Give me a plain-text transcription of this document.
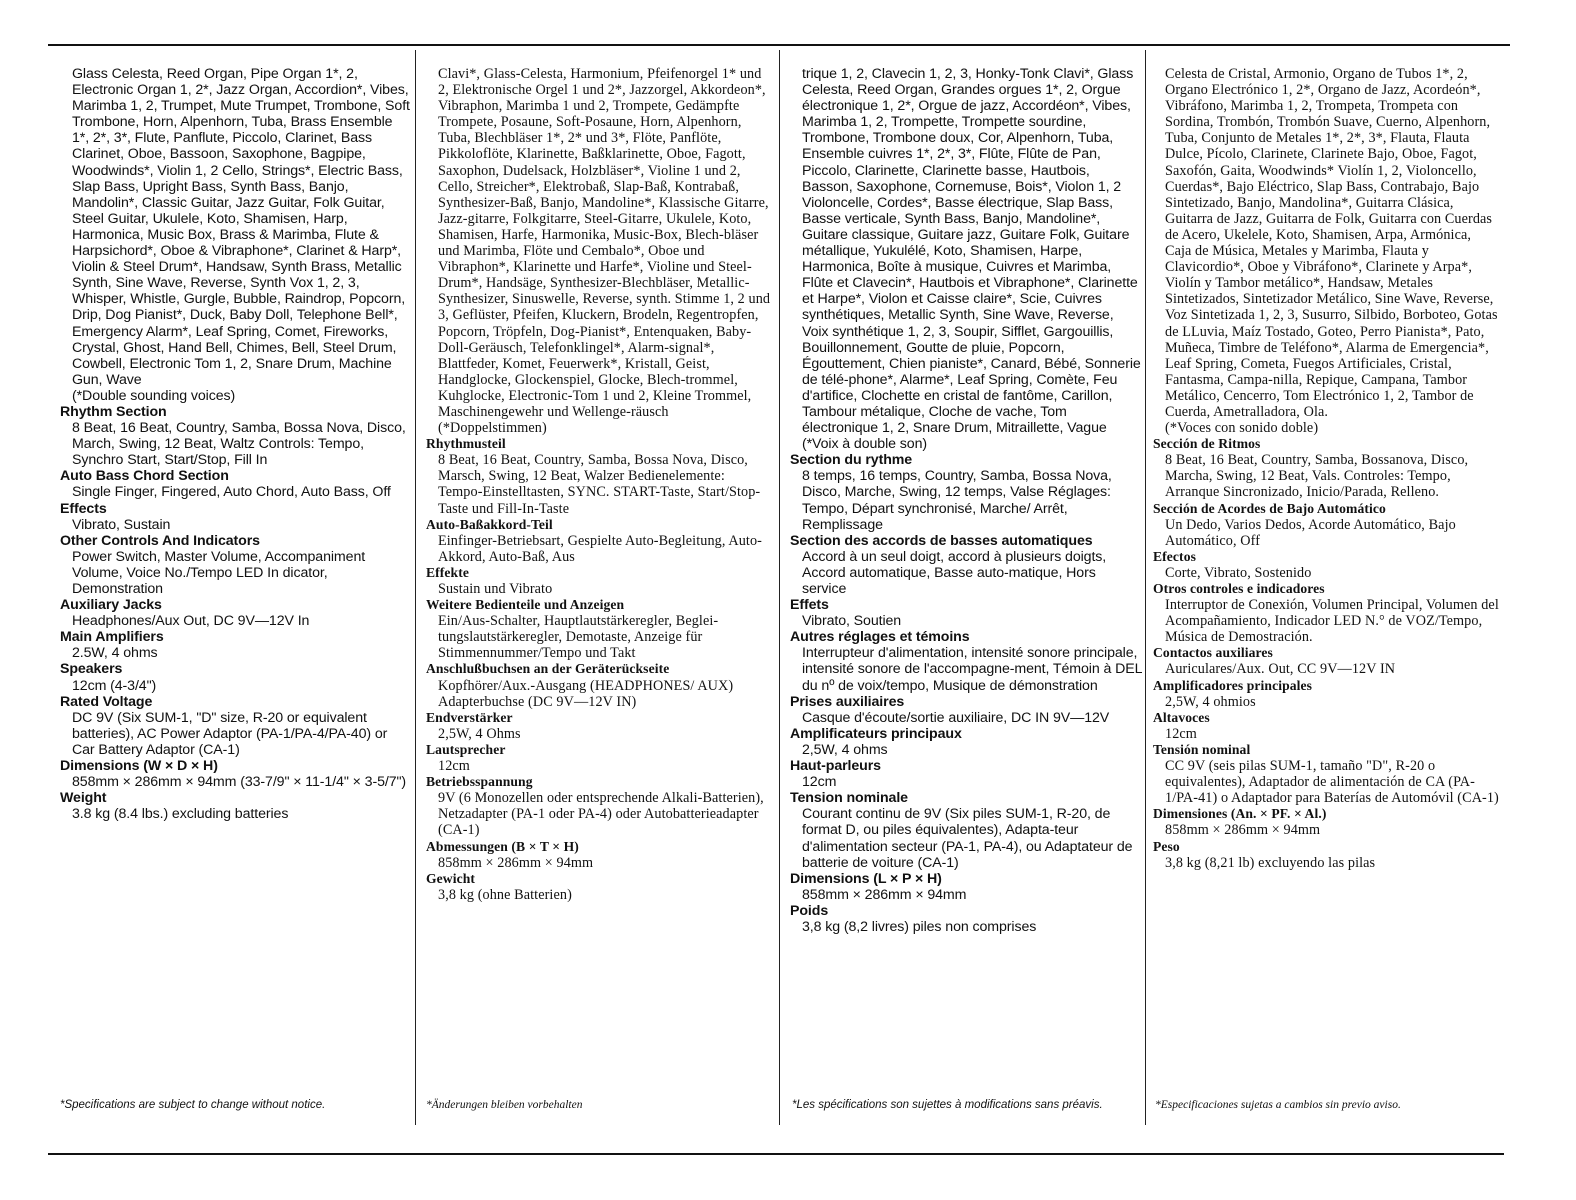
Glass Celesta, Reed Organ, Pipe Organ 1*, 2, Electronic Organ 1, 2*, Jazz Organ, Accordion*, Vibes, Marimba 1, 2, Trumpet, Mute Trumpet, Trombone, Soft Trombone, Horn, Alpenhorn, Tuba, Brass Ensemble 1*, 2*, 3*, Flute, Panflute, Piccolo, Clarinet, Bass Clarinet, Oboe, Bassoon, Saxophone, Bagpipe, Woodwinds*, Violin 1, 2 Cello, Strings*, Electric Bass, Slap Bass, Upright Bass, Synth Bass, Banjo, Mandolin*, Classic Guitar, Jazz Guitar, Folk Guitar, Steel Guitar, Ukulele, Koto, Shamisen, Harp, Harmonica, Music Box, Brass & Marimba, Flute & Harpsichord*, Oboe & Vibraphone*, Clarinet & Harp*, Violin & Steel Drum*, Handsaw, Synth Brass, Metallic Synth, Sine Wave, Reverse, Synth Vox 1, 2, 3, Whisper, Whistle, Gurgle, Bubble, Raindrop, Popcorn, Drip, Dog Pianist*, Duck, Baby Doll, Telephone Bell*, Emergency Alarm*, Leaf Spring, Comet, Fireworks, Crystal, Ghost, Hand Bell, Chimes, Bell, Steel Drum, Cowbell, Electronic Tom 1, 2, Snare Drum, Machine Gun, Wave

(*Double sounding voices)

Rhythm Section

8 Beat, 16 Beat, Country, Samba, Bossa Nova, Disco, March, Swing, 12 Beat, Waltz Controls: Tempo, Synchro Start, Start/Stop, Fill In

Auto Bass Chord Section

Single Finger, Fingered, Auto Chord, Auto Bass, Off

Effects

Vibrato, Sustain

Other Controls And Indicators

Power Switch, Master Volume, Accompaniment Volume, Voice No./Tempo LED In dicator, Demonstration

Auxiliary Jacks

Headphones/Aux Out, DC 9V—12V In

Main Amplifiers

2.5W, 4 ohms

Speakers

12cm (4-3/4")

Rated Voltage

DC 9V (Six SUM-1, "D" size, R-20 or equivalent batteries), AC Power Adaptor (PA-1/PA-4/PA-40) or Car Battery Adaptor (CA-1)

Dimensions (W × D × H)

858mm × 286mm × 94mm (33-7/9" × 11-1/4" × 3-5/7")

Weight

3.8 kg (8.4 lbs.) excluding batteries

Clavi*, Glass-Celesta, Harmonium, Pfeifenorgel 1* und 2, Elektronische Orgel 1 und 2*, Jazzorgel, Akkordeon*, Vibraphon, Marimba 1 und 2, Trompete, Gedämpfte Trompete, Posaune, Soft-Posaune, Horn, Alpenhorn, Tuba, Blechbläser 1*, 2* und 3*, Flöte, Panflöte, Pikkoloflöte, Klarinette, Baßklarinette, Oboe, Fagott, Saxophon, Dudelsack, Holzbläser*, Violine 1 und 2, Cello, Streicher*, Elektrobaß, Slap-Baß, Kontrabaß, Synthesizer-Baß, Banjo, Mandoline*, Klassische Gitarre, Jazz-gitarre, Folkgitarre, Steel-Gitarre, Ukulele, Koto, Shamisen, Harfe, Harmonika, Music-Box, Blech-bläser und Marimba, Flöte und Cembalo*, Oboe und Vibraphon*, Klarinette und Harfe*, Violine und Steel-Drum*, Handsäge, Synthesizer-Blechbläser, Metallic-Synthesizer, Sinuswelle, Reverse, synth. Stimme 1, 2 und 3, Geflüster, Pfeifen, Kluckern, Brodeln, Regentropfen, Popcorn, Tröpfeln, Dog-Pianist*, Entenquaken, Baby-Doll-Geräusch, Telefonklingel*, Alarm-signal*, Blattfeder, Komet, Feuerwerk*, Kristall, Geist, Handglocke, Glockenspiel, Glocke, Blech-trommel, Kuhglocke, Electronic-Tom 1 und 2, Kleine Trommel, Maschinengewehr und Wellenge-räusch (*Doppelstimmen)

Rhythmusteil

8 Beat, 16 Beat, Country, Samba, Bossa Nova, Disco, Marsch, Swing, 12 Beat, Walzer Bedienelemente: Tempo-Einstelltasten, SYNC. START-Taste, Start/Stop-Taste und Fill-In-Taste

Auto-Baßakkord-Teil

Einfinger-Betriebsart, Gespielte Auto-Begleitung, Auto-Akkord, Auto-Baß, Aus

Effekte

Sustain und Vibrato

Weitere Bedienteile und Anzeigen

Ein/Aus-Schalter, Hauptlautstärkeregler, Beglei-tungslautstärkeregler, Demotaste, Anzeige für Stimmennummer/Tempo und Takt

Anschlußbuchsen an der Geräterückseite

Kopfhörer/Aux.-Ausgang (HEADPHONES/ AUX) Adapterbuchse (DC 9V—12V IN)

Endverstärker

2,5W, 4 Ohms

Lautsprecher

12cm

Betriebsspannung

9V (6 Monozellen oder entsprechende Alkali-Batterien), Netzadapter (PA-1 oder PA-4) oder Autobatterieadapter (CA-1)

Abmessungen (B × T × H)

858mm × 286mm × 94mm

Gewicht

3,8 kg (ohne Batterien)

trique 1, 2, Clavecin 1, 2, 3, Honky-Tonk Clavi*, Glass Celesta, Reed Organ, Grandes orgues 1*, 2, Orgue électronique 1, 2*, Orgue de jazz, Accordéon*, Vibes, Marimba 1, 2, Trompette, Trompette sourdine, Trombone, Trombone doux, Cor, Alpenhorn, Tuba, Ensemble cuivres 1*, 2*, 3*, Flûte, Flûte de Pan, Piccolo, Clarinette, Clarinette basse, Hautbois, Basson, Saxophone, Cornemuse, Bois*, Violon 1, 2 Violoncelle, Cordes*, Basse électrique, Slap Bass, Basse verticale, Synth Bass, Banjo, Mandoline*, Guitare classique, Guitare jazz, Guitare Folk, Guitare métallique, Yukulélé, Koto, Shamisen, Harpe, Harmonica, Boîte à musique, Cuivres et Marimba, Flûte et Clavecin*, Hautbois et Vibraphone*, Clarinette et Harpe*, Violon et Caisse claire*, Scie, Cuivres synthétiques, Metallic Synth, Sine Wave, Reverse, Voix synthétique 1, 2, 3, Soupir, Sifflet, Gargouillis, Bouillonnement, Goutte de pluie, Popcorn, Égouttement, Chien pianiste*, Canard, Bébé, Sonnerie de télé-phone*, Alarme*, Leaf Spring, Comète, Feu d'artifice, Clochette en cristal de fantôme, Carillon, Tambour métalique, Cloche de vache, Tom électronique 1, 2, Snare Drum, Mitraillette, Vague (*Voix à double son)

Section du rythme

8 temps, 16 temps, Country, Samba, Bossa Nova, Disco, Marche, Swing, 12 temps, Valse Réglages: Tempo, Départ synchronisé, Marche/ Arrêt, Remplissage

Section des accords de basses automatiques

Accord à un seul doigt, accord à plusieurs doigts, Accord automatique, Basse auto-matique, Hors service

Effets

Vibrato, Soutien

Autres réglages et témoins

Interrupteur d'alimentation, intensité sonore principale, intensité sonore de l'accompagne-ment, Témoin à DEL du nº de voix/tempo, Musique de démonstration

Prises auxiliaires

Casque d'écoute/sortie auxiliaire, DC IN 9V—12V

Amplificateurs principaux

2,5W, 4 ohms

Haut-parleurs

12cm

Tension nominale

Courant continu de 9V (Six piles SUM-1, R-20, de format D, ou piles équivalentes), Adapta-teur d'alimentation secteur (PA-1, PA-4), ou Adaptateur de batterie de voiture (CA-1)

Dimensions (L × P × H)

858mm × 286mm × 94mm

Poids

3,8 kg (8,2 livres) piles non comprises

Celesta de Cristal, Armonio, Organo de Tubos 1*, 2, Organo Electrónico 1, 2*, Organo de Jazz, Acordeón*, Vibráfono, Marimba 1, 2, Trompeta, Trompeta con Sordina, Trombón, Trombón Suave, Cuerno, Alpenhorn, Tuba, Conjunto de Metales 1*, 2*, 3*, Flauta, Flauta Dulce, Pícolo, Clarinete, Clarinete Bajo, Oboe, Fagot, Saxofón, Gaita, Woodwinds* Violín 1, 2, Violoncello, Cuerdas*, Bajo Eléctrico, Slap Bass, Contrabajo, Bajo Sintetizado, Banjo, Mandolina*, Guitarra Clásica, Guitarra de Jazz, Guitarra de Folk, Guitarra con Cuerdas de Acero, Ukelele, Koto, Shamisen, Arpa, Armónica, Caja de Música, Metales y Marimba, Flauta y Clavicordio*, Oboe y Vibráfono*, Clarinete y Arpa*, Violín y Tambor metálico*, Handsaw, Metales Sintetizados, Sintetizador Metálico, Sine Wave, Reverse, Voz Sintetizada 1, 2, 3, Susurro, Silbido, Borboteo, Gotas de LLuvia, Maíz Tostado, Goteo, Perro Pianista*, Pato, Muñeca, Timbre de Teléfono*, Alarma de Emergencia*, Leaf Spring, Cometa, Fuegos Artificiales, Cristal, Fantasma, Campa-nilla, Repique, Campana, Tambor Metálico, Cencerro, Tom Electrónico 1, 2, Tambor de Cuerda, Ametralladora, Ola.

(*Voces con sonido doble)

Sección de Ritmos

8 Beat, 16 Beat, Country, Samba, Bossanova, Disco, Marcha, Swing, 12 Beat, Vals. Controles: Tempo, Arranque Sincronizado, Inicio/Parada, Relleno.

Sección de Acordes de Bajo Automático

Un Dedo, Varios Dedos, Acorde Automático, Bajo Automático, Off

Efectos

Corte, Vibrato, Sostenido

Otros controles e indicadores

Interruptor de Conexión, Volumen Principal, Volumen del Acompañamiento, Indicador LED N.° de VOZ/Tempo, Música de Demostración.

Contactos auxiliares

Auriculares/Aux. Out, CC 9V—12V IN

Amplificadores principales

2,5W, 4 ohmios

Altavoces

12cm

Tensión nominal

CC 9V (seis pilas SUM-1, tamaño "D", R-20 o equivalentes), Adaptador de alimentación de CA (PA-1/PA-41) o Adaptador para Baterías de Automóvil (CA-1)

Dimensiones (An. × PF. × Al.)

858mm × 286mm × 94mm

Peso

3,8 kg (8,21 lb) excluyendo las pilas

*Specifications are subject to change without notice.	*Änderungen bleiben vorbehalten	*Les spécifications son sujettes à modifications sans préavis.	*Especificaciones sujetas a cambios sin previo aviso.
